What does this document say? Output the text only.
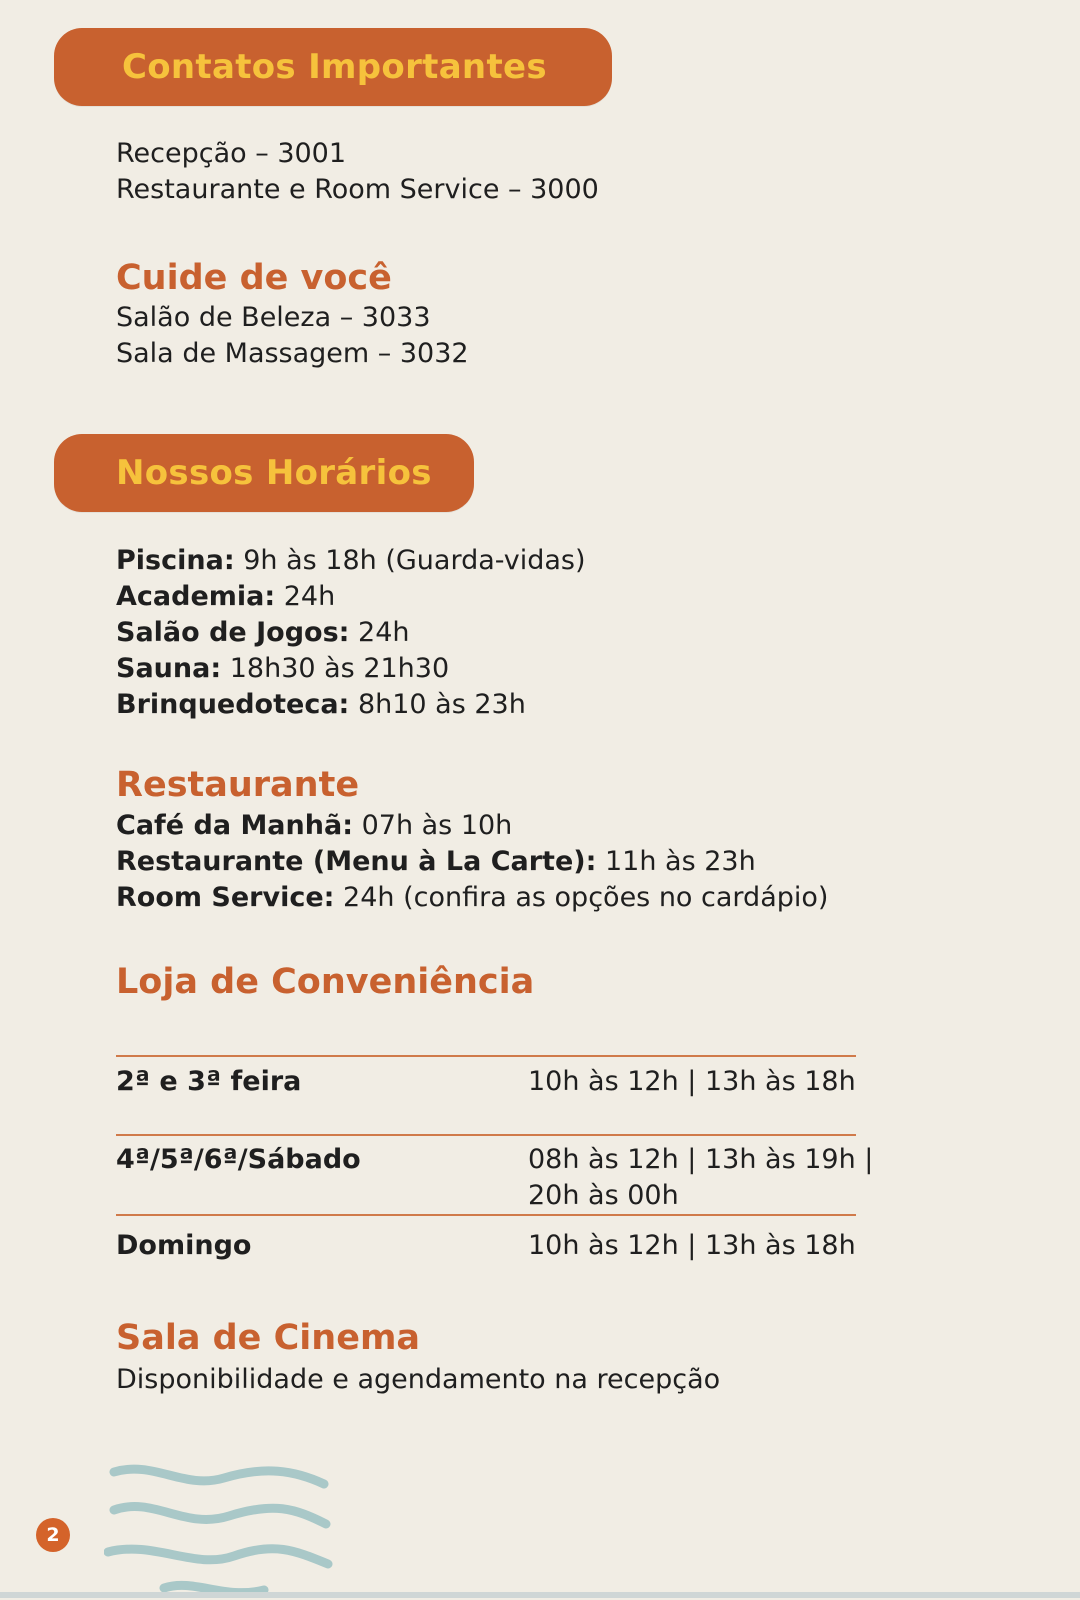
Contatos Importantes
Recepção – 3001
Restaurante e Room Service – 3000
Cuide de você
Salão de Beleza – 3033
Sala de Massagem – 3032
Nossos Horários
Piscina: 9h às 18h (Guarda-vidas)
Academia: 24h
Salão de Jogos: 24h
Sauna: 18h30 às 21h30
Brinquedoteca: 8h10 às 23h
Restaurante
Café da Manhã: 07h às 10h
Restaurante (Menu à La Carte): 11h às 23h
Room Service: 24h (confira as opções no cardápio)
Loja de Conveniência
2ª e 3ª feira	10h às 12h | 13h às 18h
4ª/5ª/6ª/Sábado	08h às 12h | 13h às 19h |
20h às 00h
Domingo	10h às 12h | 13h às 18h
Sala de Cinema
Disponibilidade e agendamento na recepção
2
